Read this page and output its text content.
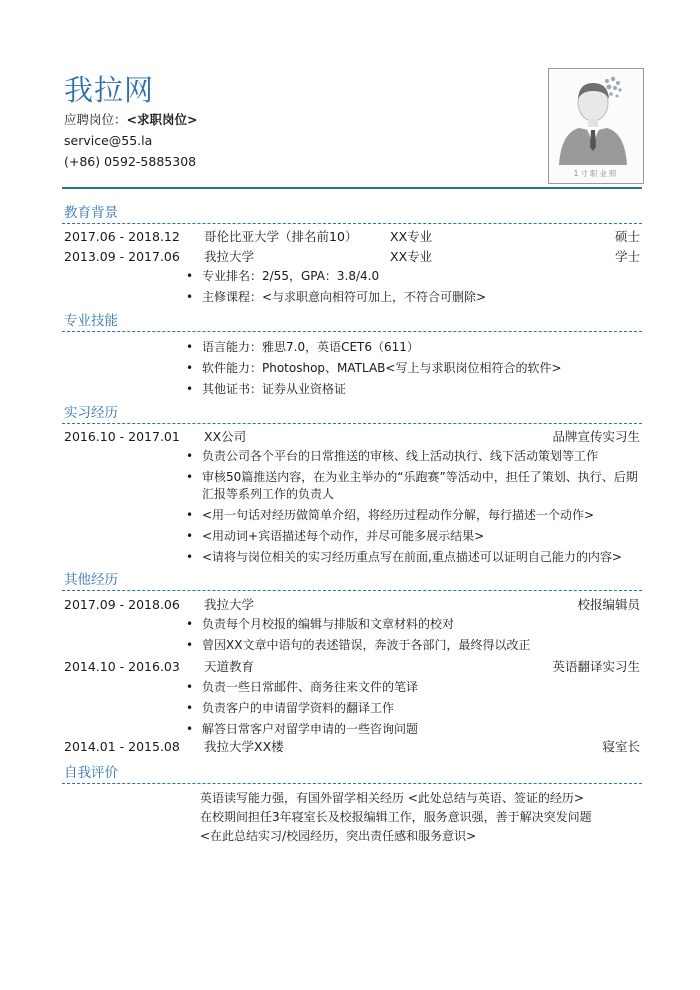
我拉网
应聘岗位：<求职岗位>
service@55.la
(+86) 0592-5885308
1寸职业照
教育背景
2017.06 - 2018.12 哥伦比亚大学（排名前10）	XX专业	硕士
2013.09 - 2017.06 我拉大学	XX专业	学士
• 专业排名：2/55，GPA：3.8/4.0
• 主修课程：<与求职意向相符可加上，不符合可删除>
专业技能
• 语言能力：雅思7.0，英语CET6（611）
• 软件能力：Photoshop、MATLAB<写上与求职岗位相符合的软件>
• 其他证书：证券从业资格证
实习经历
2016.10 - 2017.01 XX公司	品牌宣传实习生
• 负责公司各个平台的日常推送的审核、线上活动执行、线下活动策划等工作
• 审核50篇推送内容，在为业主举办的“乐跑赛”等活动中，担任了策划、执行、后期汇报等系列工作的负责人
• <用一句话对经历做简单介绍，将经历过程动作分解，每行描述一个动作>
• <用动词+宾语描述每个动作，并尽可能多展示结果>
• <请将与岗位相关的实习经历重点写在前面,重点描述可以证明自己能力的内容>
其他经历
2017.09 - 2018.06 我拉大学	校报编辑员
• 负责每个月校报的编辑与排版和文章材料的校对
• 曾因XX文章中语句的表述错误，奔波于各部门，最终得以改正
2014.10 - 2016.03 天道教育	英语翻译实习生
• 负责一些日常邮件、商务往来文件的笔译
• 负责客户的申请留学资料的翻译工作
• 解答日常客户对留学申请的一些咨询问题
2014.01 - 2015.08 我拉大学XX楼	寝室长
自我评价
英语读写能力强，有国外留学相关经历 <此处总结与英语、签证的经历>
在校期间担任3年寝室长及校报编辑工作，服务意识强，善于解决突发问题
<在此总结实习/校园经历，突出责任感和服务意识>
